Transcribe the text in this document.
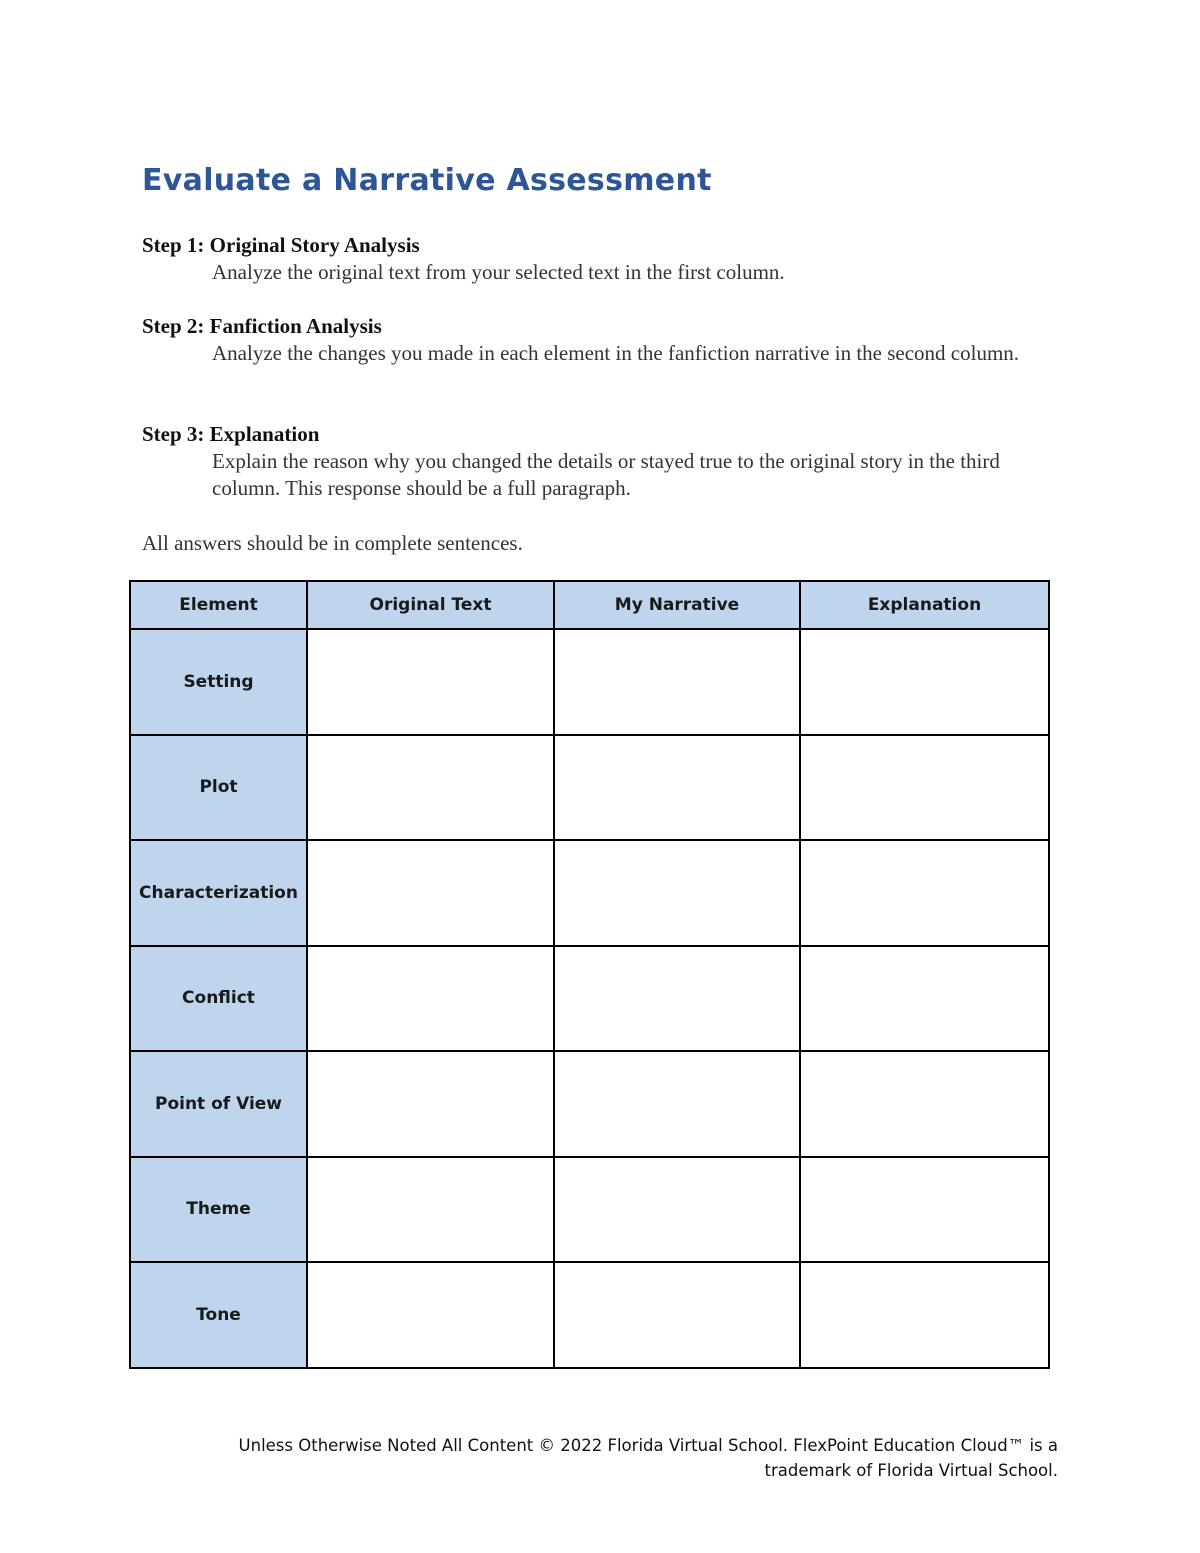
Evaluate a Narrative Assessment
Step 1: Original Story Analysis
Analyze the original text from your selected text in the first column.
Step 2: Fanfiction Analysis
Analyze the changes you made in each element in the fanfiction narrative in the second column.
Step 3: Explanation
Explain the reason why you changed the details or stayed true to the original story in the third column. This response should be a full paragraph.
All answers should be in complete sentences.
Element	Original Text	My Narrative	Explanation
Setting			
Plot			
Characterization			
Conflict			
Point of View			
Theme			
Tone			
Unless Otherwise Noted All Content © 2022 Florida Virtual School. FlexPoint Education Cloud™ is a
trademark of Florida Virtual School.
